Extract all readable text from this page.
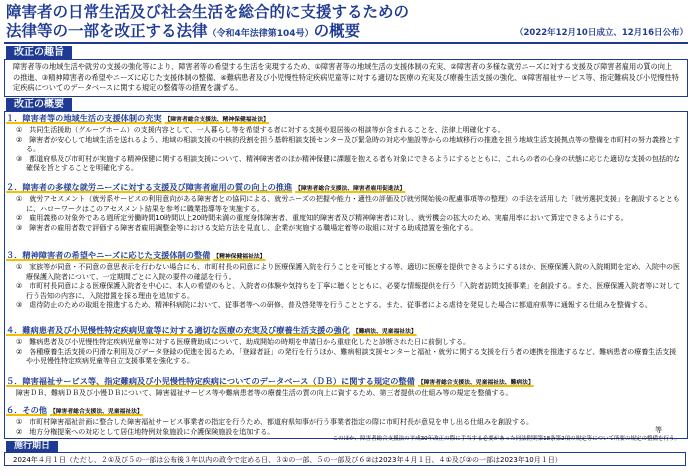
障害者の日常生活及び社会生活を総合的に支援するための
法律等の一部を改正する法律（令和4年法律第104号）の概要	（2022年12月10日成立、12月16日公布）
改正の趣旨
障害者等の地域生活や就労の支援の強化等により、障害者等の希望する生活を実現するため、①障害者等の地域生活の支援体制の充実、②障害者の多様な就労ニーズに対する支援及び障害者雇用の質の向上の推進、③精神障害者の希望やニーズに応じた支援体制の整備、④難病患者及び小児慢性特定疾病児童等に対する適切な医療の充実及び療養生活支援の強化、⑤障害福祉サービス等、指定難病及び小児慢性特定疾病についてのデータベースに関する規定の整備等の措置を講ずる。
改正の概要
１．障害者等の地域生活の支援体制の充実 【障害者総合支援法、精神保健福祉法】
①　共同生活援助（グループホーム）の支援内容として、一人暮らし等を希望する者に対する支援や退居後の相談等が含まれることを、法律上明確化する。
②　障害者が安心して地域生活を送れるよう、地域の相談支援の中核的役割を担う基幹相談支援センター及び緊急時の対応や施設等からの地域移行の推進を担う地域生活支援拠点等の整備を市町村の努力義務とする。
③　都道府県及び市町村が実施する精神保健に関する相談支援について、精神障害者のほか精神保健に課題を抱える者も対象にできるようにするとともに、これらの者の心身の状態に応じた適切な支援の包括的な確保を旨とすることを明確化する。
２．障害者の多様な就労ニーズに対する支援及び障害者雇用の質の向上の推進 【障害者総合支援法、障害者雇用促進法】
①　就労アセスメント（就労系サービスの利用意向がある障害者との協同による、就労ニーズの把握や能力・適性の評価及び就労開始後の配慮事項等の整理）の手法を活用した「就労選択支援」を創設するとともに、ハローワークはこのアセスメント結果を参考に職業指導等を実施する。
②　雇用義務の対象外である週所定労働時間10時間以上20時間未満の重度身体障害者、重度知的障害者及び精神障害者に対し、就労機会の拡大のため、実雇用率において算定できるようにする。
③　障害者の雇用者数で評価する障害者雇用調整金等における支給方法を見直し、企業が実施する職場定着等の取組に対する助成措置を強化する。
３．精神障害者の希望やニーズに応じた支援体制の整備 【精神保健福祉法】
①　家族等が同意・不同意の意思表示を行わない場合にも、市町村長の同意により医療保護入院を行うことを可能とする等、適切に医療を提供できるようにするほか、医療保護入院の入院期間を定め、入院中の医療保護入院者について、一定期間ごとに入院の要件の確認を行う。
②　市町村長同意による医療保護入院者を中心に、本人の希望のもと、入院者の体験や気持ちを丁寧に聴くとともに、必要な情報提供を行う「入院者訪問支援事業」を創設する。また、医療保護入院者等に対して行う告知の内容に、入院措置を採る理由を追加する。
③　虐待防止のための取組を推進するため、精神科病院において、従事者等への研修、普及啓発等を行うこととする。また、従事者による虐待を発見した場合に都道府県等に通報する仕組みを整備する。
４．難病患者及び小児慢性特定疾病児童等に対する適切な医療の充実及び療養生活支援の強化 【難病法、児童福祉法】
①　難病患者及び小児慢性特定疾病児童等に対する医療費助成について、助成開始の時期を申請日から重症化したと診断された日に前倒しする。
②　各種療養生活支援の円滑な利用及びデータ登録の促進を図るため、「登録者証」の発行を行うほか、難病相談支援センターと福祉・就労に関する支援を行う者の連携を推進するなど、難病患者の療養生活支援や小児慢性特定疾病児童等自立支援事業を強化する。
５．障害福祉サービス等、指定難病及び小児慢性特定疾病についてのデータベース（ＤＢ）に関する規定の整備 【障害者総合支援法、児童福祉法、難病法】
障害ＤＢ、難病ＤＢ及び小慢ＤＢについて、障害福祉サービス等や難病患者等の療養生活の質の向上に資するため、第三者提供の仕組み等の規定を整備する。
６．その他 【障害者総合支援法、児童福祉法】
①　市町村障害福祉計画に整合した障害福祉サービス事業者の指定を行うため、都道府県知事が行う事業者指定の際に市町村長が意見を申し出る仕組みを創設する。
②　地方分権提案への対応として居住地特例対象施設に介護保険施設を追加する。	等
このほか、障害者総合支援法の平成30年改正の際に手当する必要があった同法附則第18条第2項の規定等について所要の規定の整備を行う。
施行期日
2024年４月１日（ただし、２①及び５の一部は公布後３年以内の政令で定める日、３①の一部、５の一部及び６②は2023年４月１日、４①及び②の一部は2023年10月１日）
